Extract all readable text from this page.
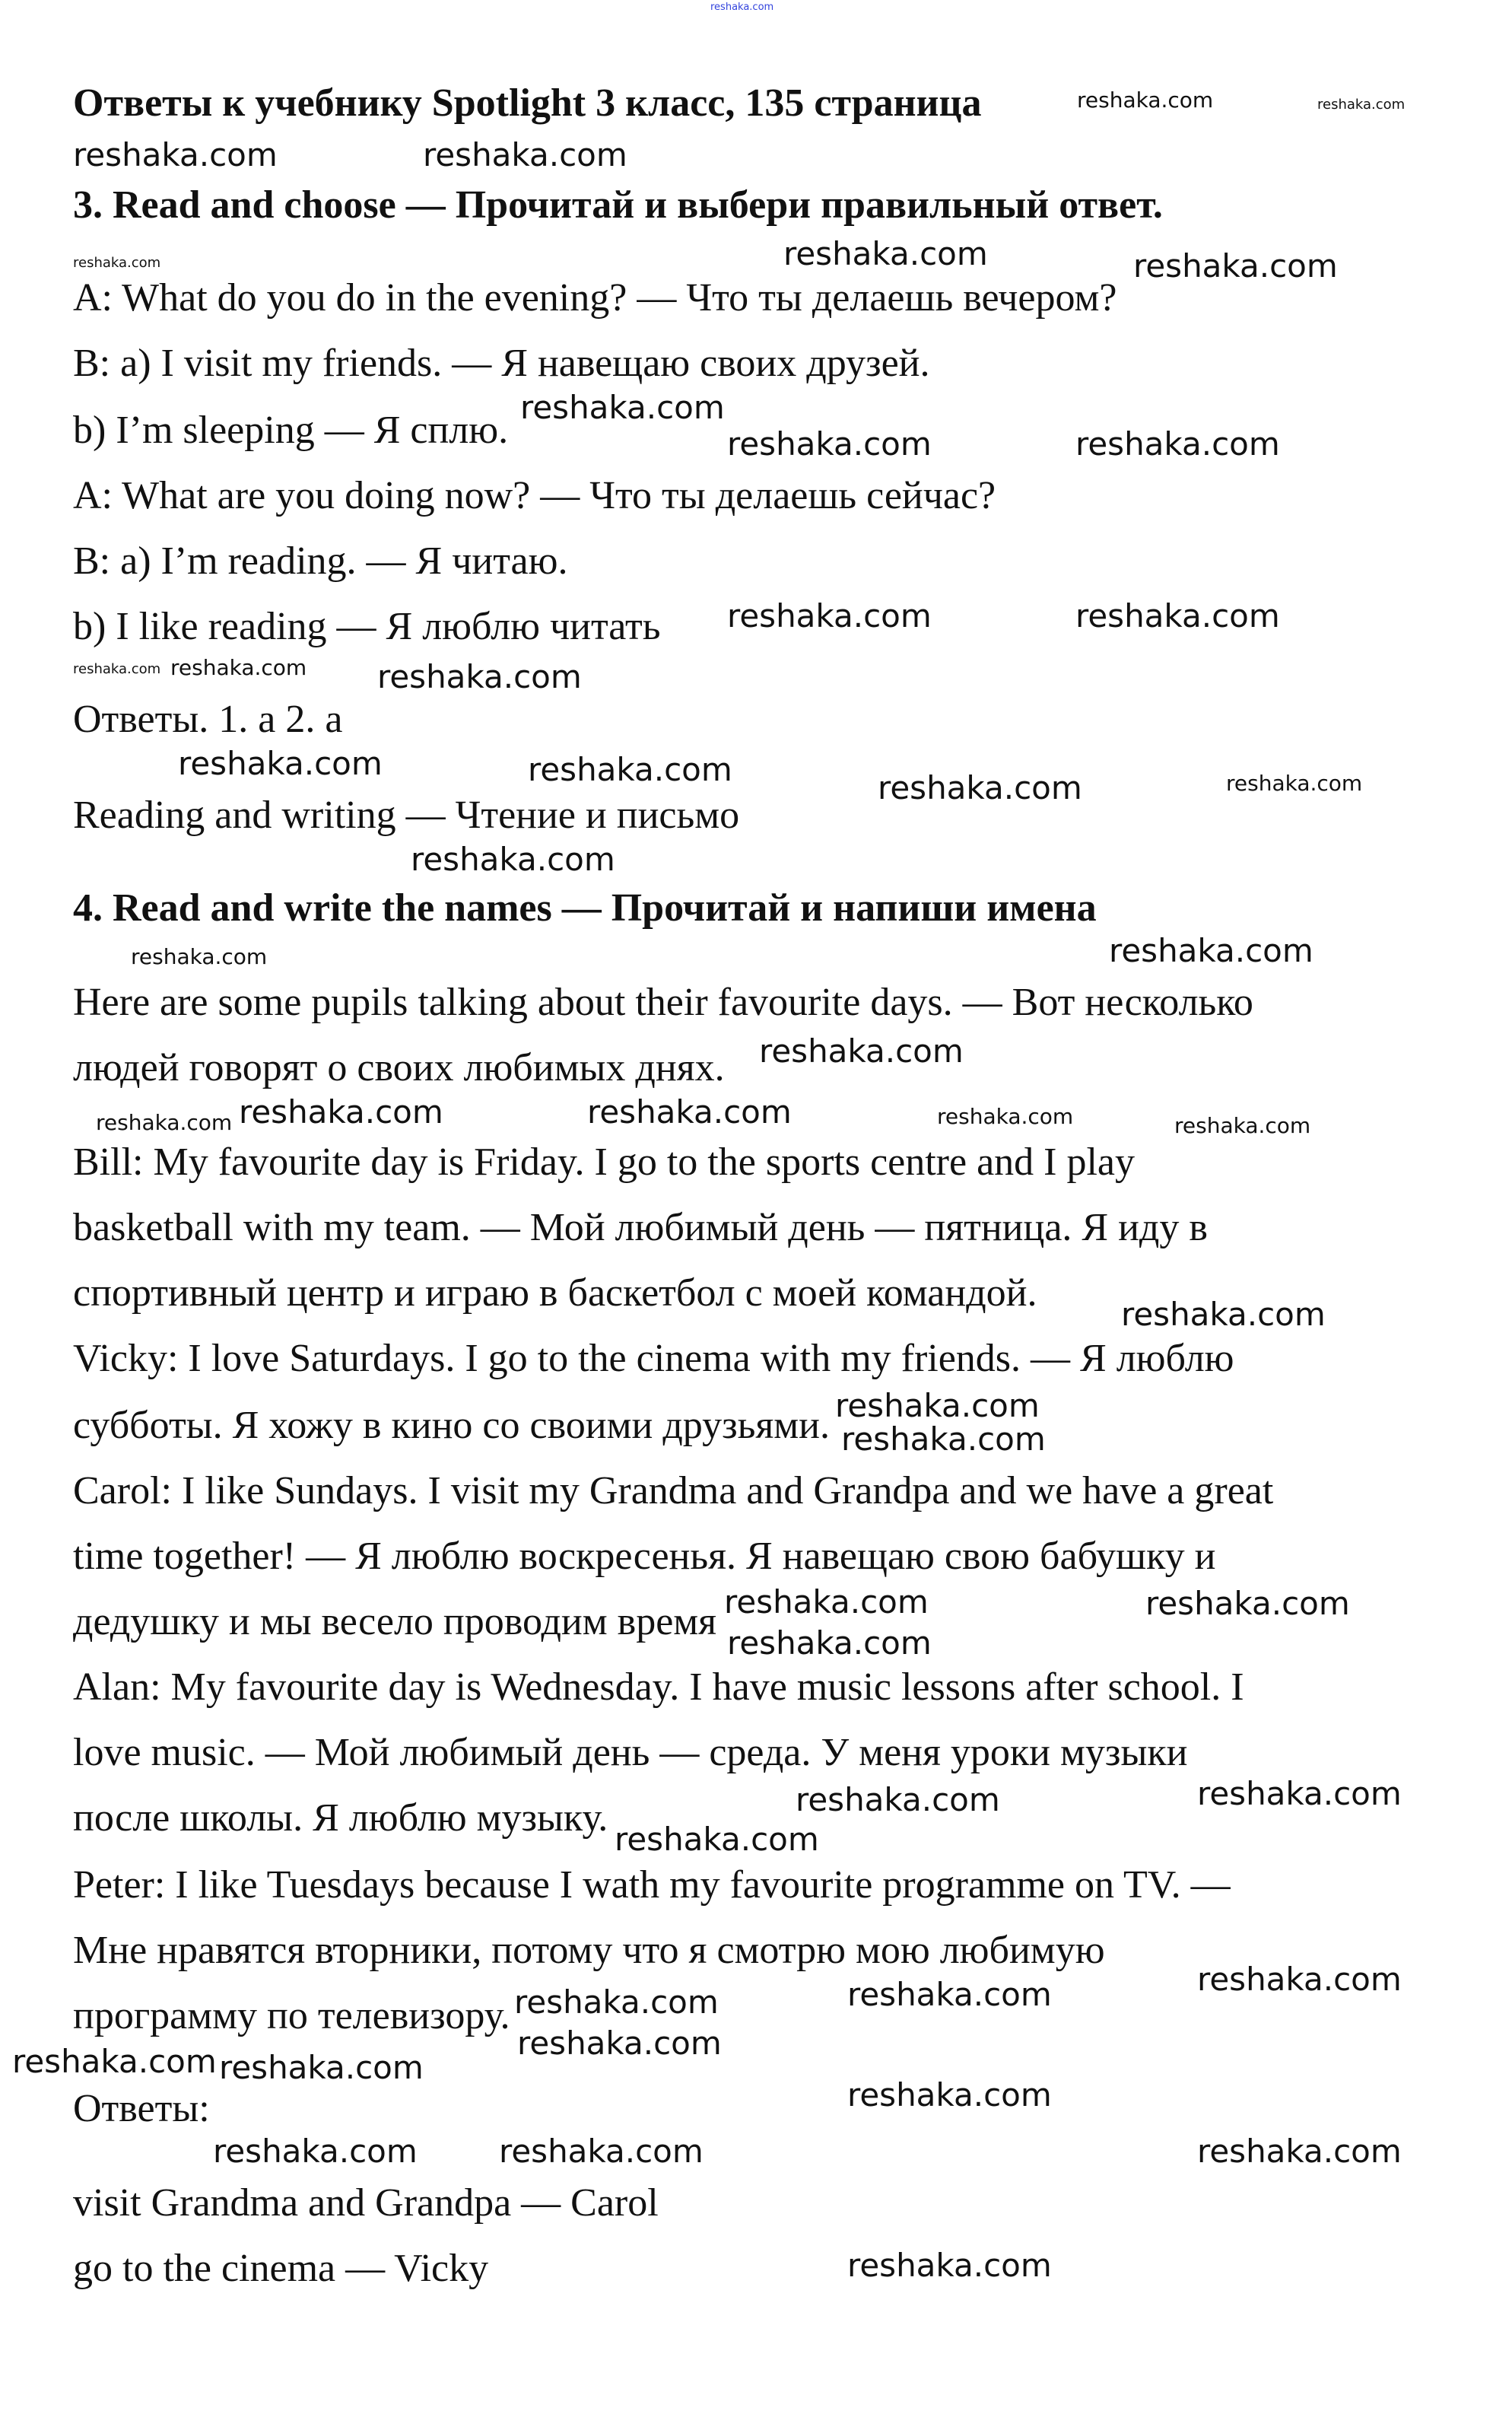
reshaka.com
Ответы к учебнику Spotlight 3 класс, 135 страница
3. Read and choose — Прочитай и выбери правильный ответ.
A: What do you do in the evening? — Что ты делаешь вечером?
B: a) I visit my friends. — Я навещаю своих друзей.
b) I’m sleeping — Я сплю.
A: What are you doing now? — Что ты делаешь сейчас?
B: a) I’m reading. — Я читаю.
b) I like reading — Я люблю читать
Ответы. 1. a 2. a
Reading and writing — Чтение и письмо
4. Read and write the names — Прочитай и напиши имена
Here are some pupils talking about their favourite days. — Вот несколько
людей говорят о своих любимых днях.
Bill: My favourite day is Friday. I go to the sports centre and I play
basketball with my team. — Мой любимый день — пятница. Я иду в
спортивный центр и играю в баскетбол с моей командой.
Vicky: I love Saturdays. I go to the cinema with my friends. — Я люблю
субботы. Я хожу в кино со своими друзьями.
Carol: I like Sundays. I visit my Grandma and Grandpa and we have a great
time together! — Я люблю воскресенья. Я навещаю свою бабушку и
дедушку и мы весело проводим время
Alan: My favourite day is Wednesday. I have music lessons after school. I
love music. — Мой любимый день — среда. У меня уроки музыки
после школы. Я люблю музыку.
Peter: I like Tuesdays because I wath my favourite programme on TV. —
Мне нравятся вторники, потому что я смотрю мою любимую
программу по телевизору.
Ответы:
visit Grandma and Grandpa — Carol
go to the cinema — Vicky
reshaka.com	reshaka.com
reshaka.com	reshaka.com
reshaka.com	reshaka.com
reshaka.com
reshaka.com
reshaka.com	reshaka.com
reshaka.com reshaka.com reshaka.com
reshaka.com	reshaka.com
reshaka.com	reshaka.com	reshaka.com	reshaka.com
reshaka.com
reshaka.com
reshaka.com
reshaka.com
reshaka.com	reshaka.com	reshaka.com
reshaka.com
reshaka.com
reshaka.com
reshaka.com
reshaka.com
reshaka.com
reshaka.com
reshaka.com
reshaka.com
reshaka.com
reshaka.com
reshaka.com
reshaka.com
reshaka.com
reshaka.com	reshaka.com
reshaka.com
reshaka.com
reshaka.com	reshaka.com	reshaka.com
reshaka.com
